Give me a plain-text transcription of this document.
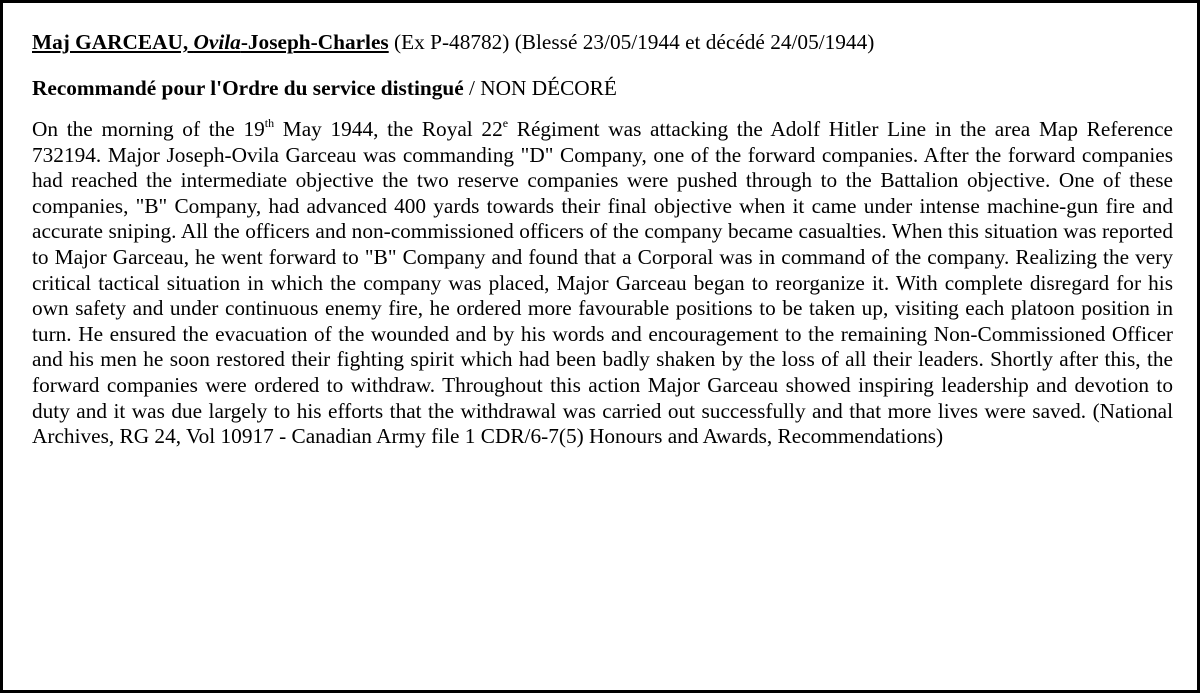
Maj GARCEAU, Ovila-Joseph-Charles (Ex P-48782) (Blessé 23/05/1944 et décédé 24/05/1944)

Recommandé pour l'Ordre du service distingué / NON DÉCORÉ

On the morning of the 19th May 1944, the Royal 22e Régiment was attacking the Adolf Hitler Line in the area Map Reference 732194. Major Joseph-Ovila Garceau was commanding "D" Company, one of the forward companies. After the forward companies had reached the intermediate objective the two reserve companies were pushed through to the Battalion objective. One of these companies, "B" Company, had advanced 400 yards towards their final objective when it came under intense machine-gun fire and accurate sniping. All the officers and non-commissioned officers of the company became casualties. When this situation was reported to Major Garceau, he went forward to "B" Company and found that a Corporal was in command of the company. Realizing the very critical tactical situation in which the company was placed, Major Garceau began to reorganize it. With complete disregard for his own safety and under continuous enemy fire, he ordered more favourable positions to be taken up, visiting each platoon position in turn. He ensured the evacuation of the wounded and by his words and encouragement to the remaining Non-Commissioned Officer and his men he soon restored their fighting spirit which had been badly shaken by the loss of all their leaders. Shortly after this, the forward companies were ordered to withdraw. Throughout this action Major Garceau showed inspiring leadership and devotion to duty and it was due largely to his efforts that the withdrawal was carried out successfully and that more lives were saved. (National Archives, RG 24, Vol 10917 - Canadian Army file 1 CDR/6-7(5) Honours and Awards, Recommendations)
